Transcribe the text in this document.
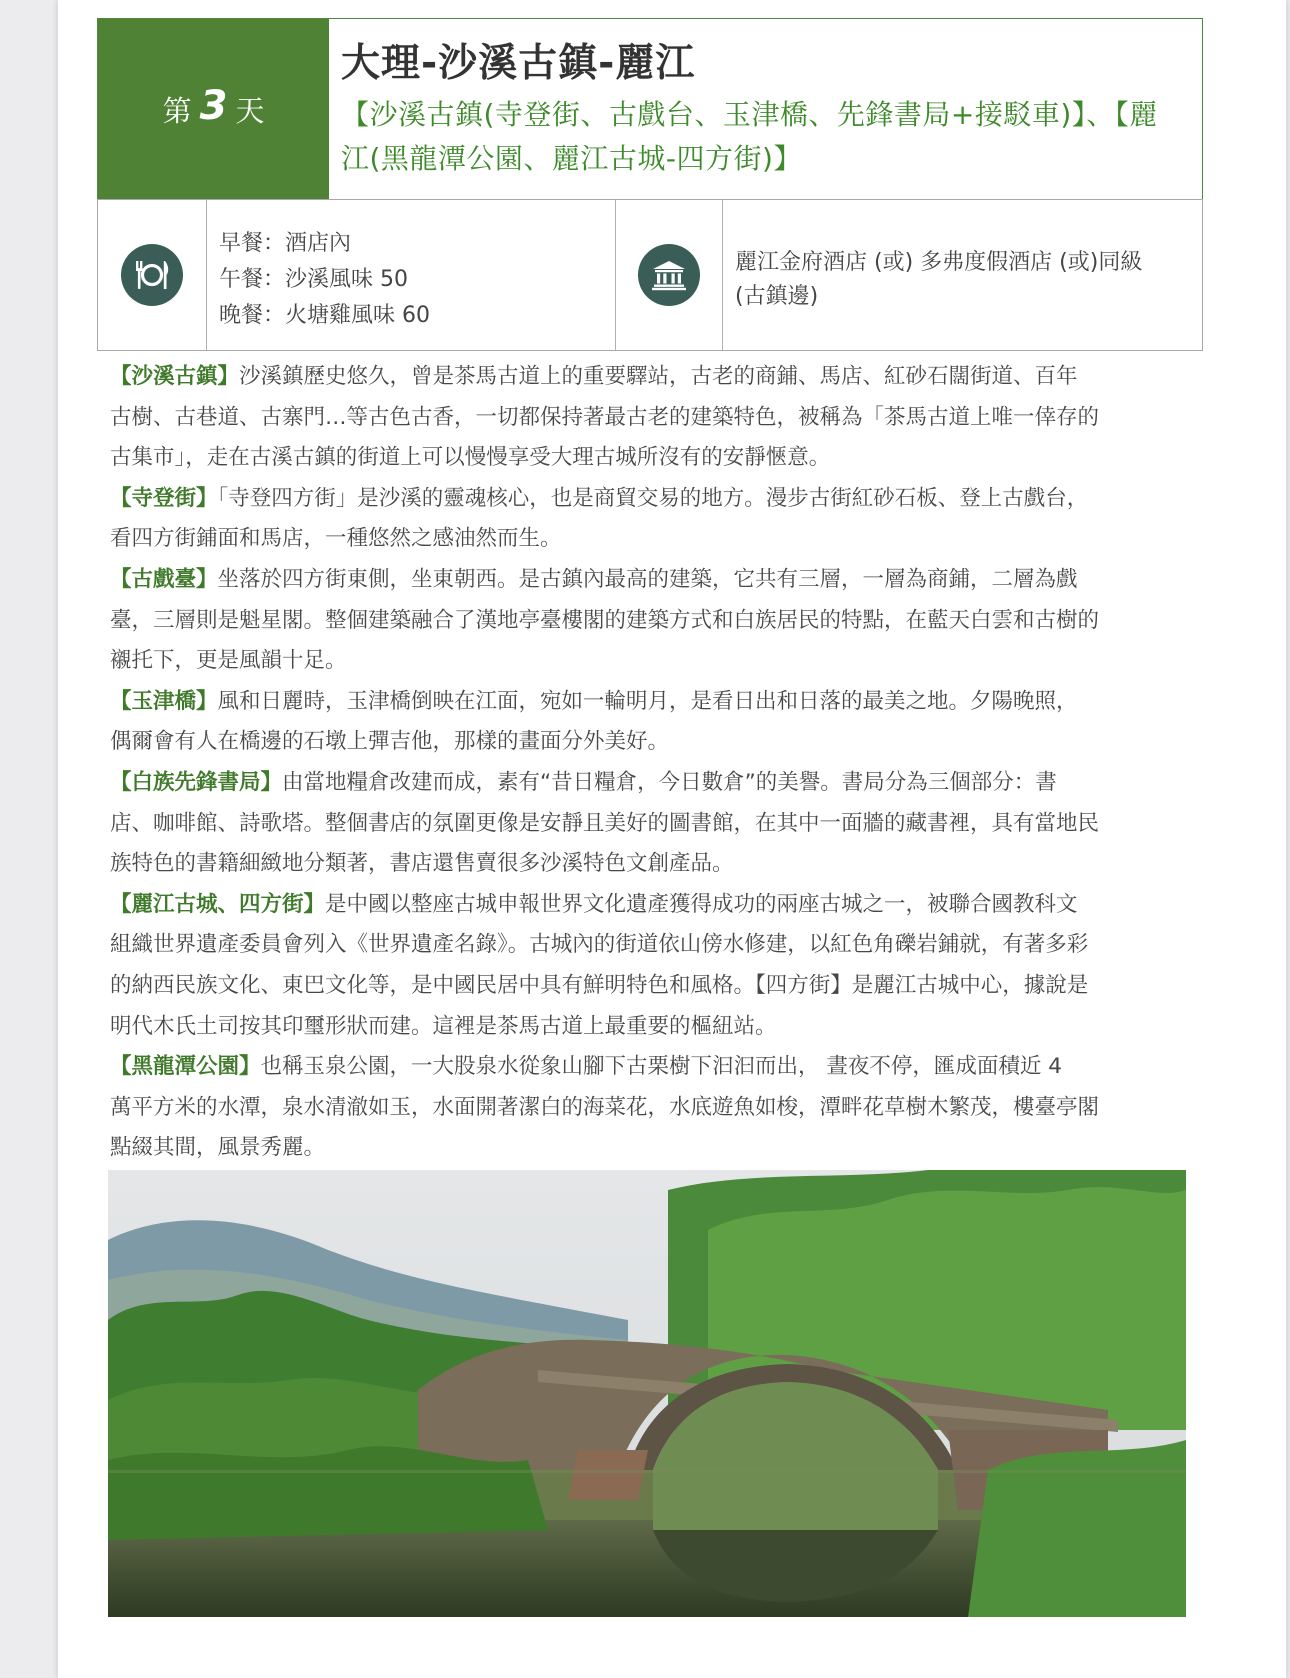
第 3 天
大理-沙溪古鎮-麗江
【沙溪古鎮(寺登街、古戲台、玉津橋、先鋒書局+接駁車)】、【麗
江(黑龍潭公園、麗江古城-四方街)】
早餐：酒店內
午餐：沙溪風味 50
晚餐：火塘雞風味 60
麗江金府酒店 (或) 多弗度假酒店 (或)同級
(古鎮邊)

【沙溪古鎮】沙溪鎮歷史悠久，曾是茶馬古道上的重要驛站，古老的商鋪、馬店、紅砂石闊街道、百年
古樹、古巷道、古寨門…等古色古香，一切都保持著最古老的建築特色，被稱為「茶馬古道上唯一倖存的
古集市」，走在古溪古鎮的街道上可以慢慢享受大理古城所沒有的安靜愜意。

【寺登街】「寺登四方街」是沙溪的靈魂核心，也是商貿交易的地方。漫步古街紅砂石板、登上古戲台，
看四方街鋪面和馬店，一種悠然之感油然而生。

【古戲臺】坐落於四方街東側，坐東朝西。是古鎮內最高的建築，它共有三層，一層為商鋪，二層為戲
臺，三層則是魁星閣。整個建築融合了漢地亭臺樓閣的建築方式和白族居民的特點，在藍天白雲和古樹的
襯托下，更是風韻十足。

【玉津橋】風和日麗時，玉津橋倒映在江面，宛如一輪明月，是看日出和日落的最美之地。夕陽晚照，
偶爾會有人在橋邊的石墩上彈吉他，那樣的畫面分外美好。

【白族先鋒書局】由當地糧倉改建而成，素有“昔日糧倉，今日數倉”的美譽。書局分為三個部分：書
店、咖啡館、詩歌塔。整個書店的氛圍更像是安靜且美好的圖書館，在其中一面牆的藏書裡，具有當地民
族特色的書籍細緻地分類著，書店還售賣很多沙溪特色文創產品。

【麗江古城、四方街】是中國以整座古城申報世界文化遺產獲得成功的兩座古城之一，被聯合國教科文
組織世界遺產委員會列入《世界遺產名錄》。古城內的街道依山傍水修建，以紅色角礫岩鋪就，有著多彩
的納西民族文化、東巴文化等，是中國民居中具有鮮明特色和風格。【四方街】是麗江古城中心，據說是
明代木氏土司按其印璽形狀而建。這裡是茶馬古道上最重要的樞紐站。

【黑龍潭公園】也稱玉泉公園，一大股泉水從象山腳下古栗樹下汩汩而出， 晝夜不停，匯成面積近 4
萬平方米的水潭，泉水清澈如玉，水面開著潔白的海菜花，水底遊魚如梭，潭畔花草樹木繁茂，樓臺亭閣
點綴其間，風景秀麗。
